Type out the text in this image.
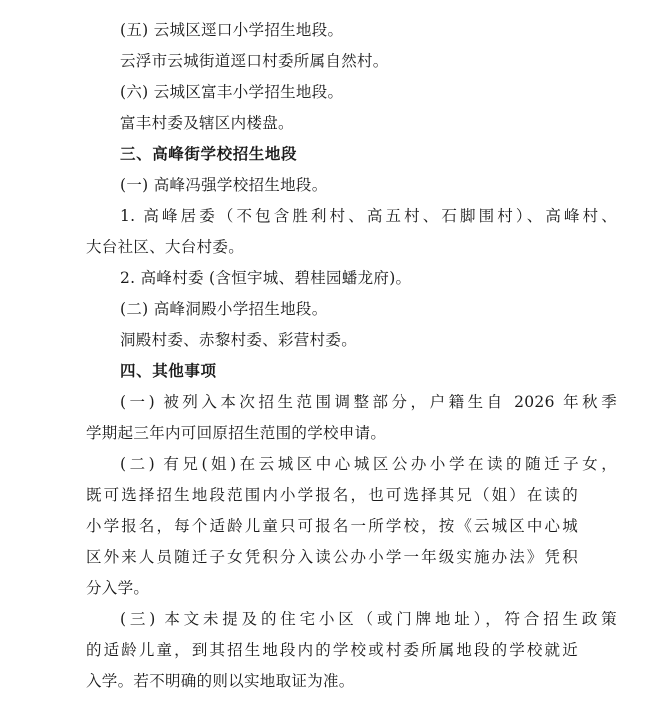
(五) 云城区逕口小学招生地段。
云浮市云城街道逕口村委所属自然村。
(六) 云城区富丰小学招生地段。
富丰村委及辖区内楼盘。
三、高峰街学校招生地段
(一) 高峰冯强学校招生地段。
1. 高峰居委（不包含胜利村、高五村、石脚围村）、高峰村、
大台社区、大台村委。
2. 高峰村委 (含恒宇城、碧桂园蟠龙府)。
(二) 高峰洞殿小学招生地段。
洞殿村委、赤黎村委、彩营村委。
四、其他事项
(一) 被列入本次招生范围调整部分，户籍生自 2026 年秋季
学期起三年内可回原招生范围的学校申请。
(二) 有兄(姐)在云城区中心城区公办小学在读的随迁子女，
既可选择招生地段范围内小学报名，也可选择其兄（姐）在读的
小学报名，每个适龄儿童只可报名一所学校，按《云城区中心城
区外来人员随迁子女凭积分入读公办小学一年级实施办法》凭积
分入学。
(三) 本文未提及的住宅小区（或门牌地址），符合招生政策
的适龄儿童，到其招生地段内的学校或村委所属地段的学校就近
入学。若不明确的则以实地取证为准。
